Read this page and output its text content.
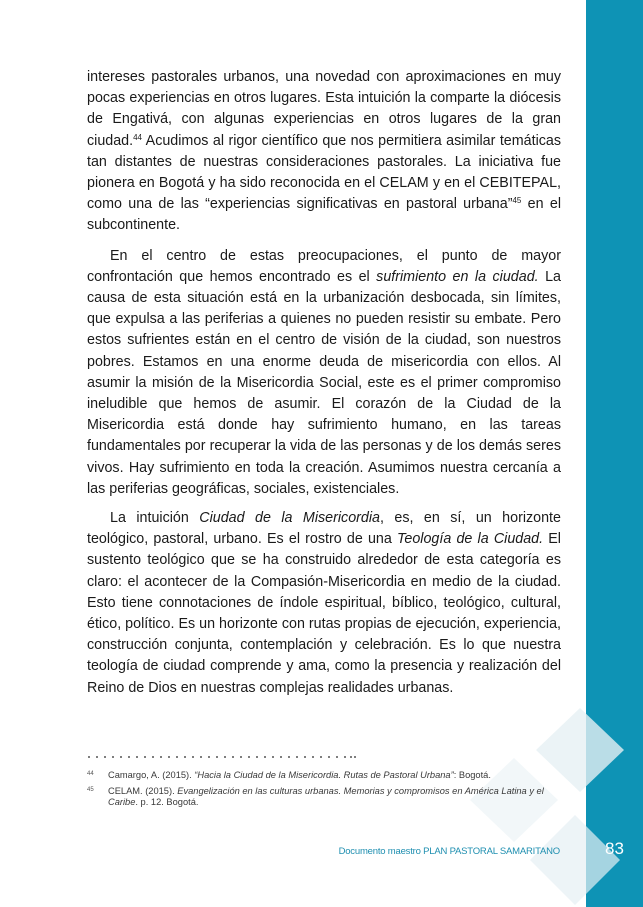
intereses pastorales urbanos, una novedad con aproximaciones en muy pocas experiencias en otros lugares. Esta intuición la comparte la diócesis de Engativá, con algunas experiencias en otros lugares de la gran ciudad.$^{44}$ Acudimos al rigor científico que nos permitiera asimilar temáticas tan distantes de nuestras consideraciones pastorales. La iniciativa fue pionera en Bogotá y ha sido reconocida en el CELAM y en el CEBITEPAL, como una de las “experiencias significativas en pastoral urbana”$^{45}$ en el subcontinente.

En el centro de estas preocupaciones, el punto de mayor confrontación que hemos encontrado es el sufrimiento en la ciudad. La causa de esta situación está en la urbanización desbocada, sin límites, que expulsa a las periferias a quienes no pueden resistir su embate. Pero estos sufrientes están en el centro de visión de la ciudad, son nuestros pobres. Estamos en una enorme deuda de misericordia con ellos. Al asumir la misión de la Misericordia Social, este es el primer compromiso ineludible que hemos de asumir. El corazón de la Ciudad de la Misericordia está donde hay sufrimiento humano, en las tareas fundamentales por recuperar la vida de las personas y de los demás seres vivos. Hay sufrimiento en toda la creación. Asumimos nuestra cercanía a las periferias geográficas, sociales, existenciales.

La intuición Ciudad de la Misericordia, es, en sí, un horizonte teológico, pastoral, urbano. Es el rostro de una Teología de la Ciudad. El sustento teológico que se ha construido alrededor de esta categoría es claro: el acontecer de la Compasión-Misericordia en medio de la ciudad. Esto tiene connotaciones de índole espiritual, bíblico, teológico, cultural, ético, político. Es un horizonte con rutas propias de ejecución, experiencia, construcción conjunta, contemplación y celebración. Es lo que nuestra teología de ciudad comprende y ama, como la presencia y realización del Reino de Dios en nuestras complejas realidades urbanas.

44 Camargo, A. (2015). “Hacia la Ciudad de la Misericordia. Rutas de Pastoral Urbana”: Bogotá.
45 CELAM. (2015). Evangelización en las culturas urbanas. Memorias y compromisos en América Latina y el Caribe. p. 12. Bogotá.
Documento maestro PLAN PASTORAL SAMARITANO	83
